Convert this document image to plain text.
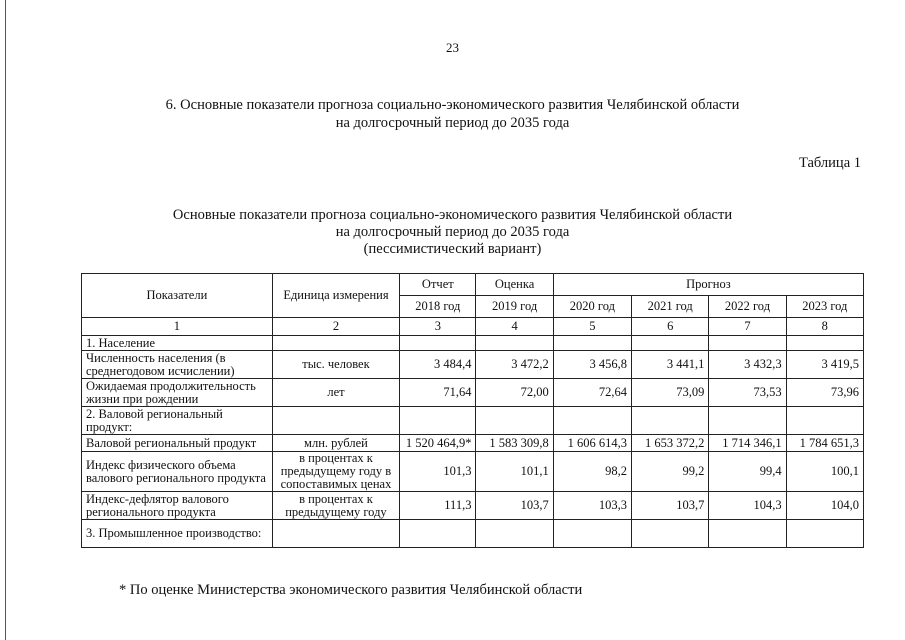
23
6. Основные показатели прогноза социально-экономического развития Челябинской области
на долгосрочный период до 2035 года
Таблица 1
Основные показатели прогноза социально-экономического развития Челябинской области
на долгосрочный период до 2035 года
(пессимистический вариант)
Показатели	Единица измерения	Отчет	Оценка	Прогноз			
		2018 год	2019 год	2020 год	2021 год	2022 год	2023 год
1	2	3	4	5	6	7	8
1. Население							
Численность населения (в среднегодовом исчислении)	тыс. человек	3 484,4	3 472,2	3 456,8	3 441,1	3 432,3	3 419,5
Ожидаемая продолжительность жизни при рождении	лет	71,64	72,00	72,64	73,09	73,53	73,96
2. Валовой региональный продукт:							
Валовой региональный продукт	млн. рублей	1 520 464,9*	1 583 309,8	1 606 614,3	1 653 372,2	1 714 346,1	1 784 651,3
Индекс физического объема валового регионального продукта	в процентах к предыдущему году в сопоставимых ценах	101,3	101,1	98,2	99,2	99,4	100,1
Индекс-дефлятор валового регионального продукта	в процентах к предыдущему году	111,3	103,7	103,3	103,7	104,3	104,0
3. Промышленное производство:							
* По оценке Министерства экономического развития Челябинской области
